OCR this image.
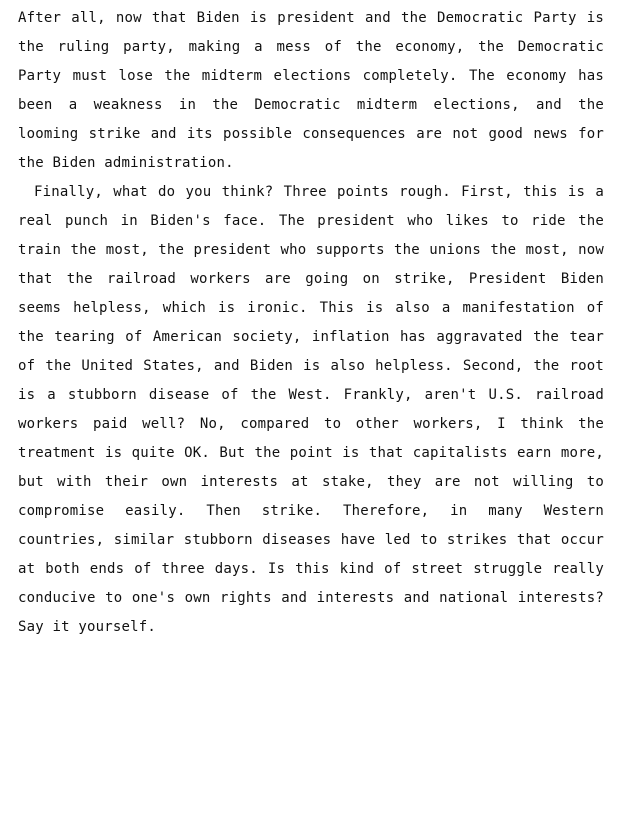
After all, now that Biden is president and the Democratic Party is the ruling party, making a mess of the economy, the Democratic Party must lose the midterm elections completely. The economy has been a weakness in the Democratic midterm elections, and the looming strike and its possible consequences are not good news for the Biden administration.

Finally, what do you think? Three points rough. First, this is a real punch in Biden's face. The president who likes to ride the train the most, the president who supports the unions the most, now that the railroad workers are going on strike, President Biden seems helpless, which is ironic. This is also a manifestation of the tearing of American society, inflation has aggravated the tear of the United States, and Biden is also helpless. Second, the root is a stubborn disease of the West. Frankly, aren't U.S. railroad workers paid well? No, compared to other workers, I think the treatment is quite OK. But the point is that capitalists earn more, but with their own interests at stake, they are not willing to compromise easily. Then strike. Therefore, in many Western countries, similar stubborn diseases have led to strikes that occur at both ends of three days. Is this kind of street struggle really conducive to one's own rights and interests and national interests? Say it yourself.
